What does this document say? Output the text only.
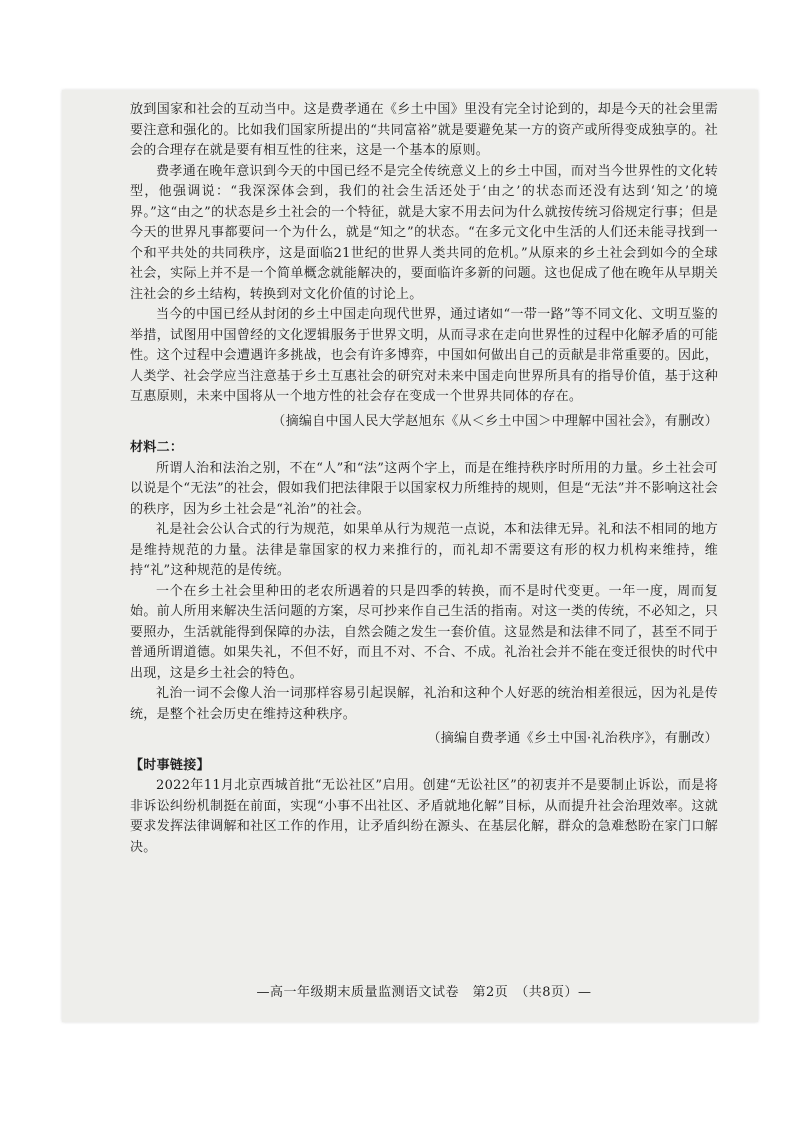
放到国家和社会的互动当中。这是费孝通在《乡土中国》里没有完全讨论到的，却是今天的社会里需要注意和强化的。比如我们国家所提出的“共同富裕”就是要避免某一方的资产或所得变成独享的。社会的合理存在就是要有相互性的往来，这是一个基本的原则。

费孝通在晚年意识到今天的中国已经不是完全传统意义上的乡土中国，而对当今世界性的文化转型，他强调说：“我深深体会到，我们的社会生活还处于‘由之’的状态而还没有达到‘知之’的境界。”这“由之”的状态是乡土社会的一个特征，就是大家不用去问为什么就按传统习俗规定行事；但是今天的世界凡事都要问一个为什么，就是“知之”的状态。“在多元文化中生活的人们还未能寻找到一个和平共处的共同秩序，这是面临21世纪的世界人类共同的危机。”从原来的乡土社会到如今的全球社会，实际上并不是一个简单概念就能解决的，要面临许多新的问题。这也促成了他在晚年从早期关注社会的乡土结构，转换到对文化价值的讨论上。

当今的中国已经从封闭的乡土中国走向现代世界，通过诸如“一带一路”等不同文化、文明互鉴的举措，试图用中国曾经的文化逻辑服务于世界文明，从而寻求在走向世界性的过程中化解矛盾的可能性。这个过程中会遭遇许多挑战，也会有许多博弈，中国如何做出自己的贡献是非常重要的。因此，人类学、社会学应当注意基于乡土互惠社会的研究对未来中国走向世界所具有的指导价值，基于这种互惠原则，未来中国将从一个地方性的社会存在变成一个世界共同体的存在。

（摘编自中国人民大学赵旭东《从＜乡土中国＞中理解中国社会》，有删改）

材料二：

所谓人治和法治之别，不在“人”和“法”这两个字上，而是在维持秩序时所用的力量。乡土社会可以说是个“无法”的社会，假如我们把法律限于以国家权力所维持的规则，但是“无法”并不影响这社会的秩序，因为乡土社会是“礼治”的社会。

礼是社会公认合式的行为规范，如果单从行为规范一点说，本和法律无异。礼和法不相同的地方是维持规范的力量。法律是靠国家的权力来推行的，而礼却不需要这有形的权力机构来维持，维持“礼”这种规范的是传统。

一个在乡土社会里种田的老农所遇着的只是四季的转换，而不是时代变更。一年一度，周而复始。前人所用来解决生活问题的方案，尽可抄来作自己生活的指南。对这一类的传统，不必知之，只要照办，生活就能得到保障的办法，自然会随之发生一套价值。这显然是和法律不同了，甚至不同于普通所谓道德。如果失礼，不但不好，而且不对、不合、不成。礼治社会并不能在变迁很快的时代中出现，这是乡土社会的特色。

礼治一词不会像人治一词那样容易引起误解，礼治和这种个人好恶的统治相差很远，因为礼是传统，是整个社会历史在维持这种秩序。

（摘编自费孝通《乡土中国·礼治秩序》，有删改）

【时事链接】

2022年11月北京西城首批“无讼社区”启用。创建“无讼社区”的初衷并不是要制止诉讼，而是将非诉讼纠纷机制挺在前面，实现“小事不出社区、矛盾就地化解”目标，从而提升社会治理效率。这就要求发挥法律调解和社区工作的作用，让矛盾纠纷在源头、在基层化解，群众的急难愁盼在家门口解决。

—高一年级期末质量监测语文试卷　第2页　（共8页）—
